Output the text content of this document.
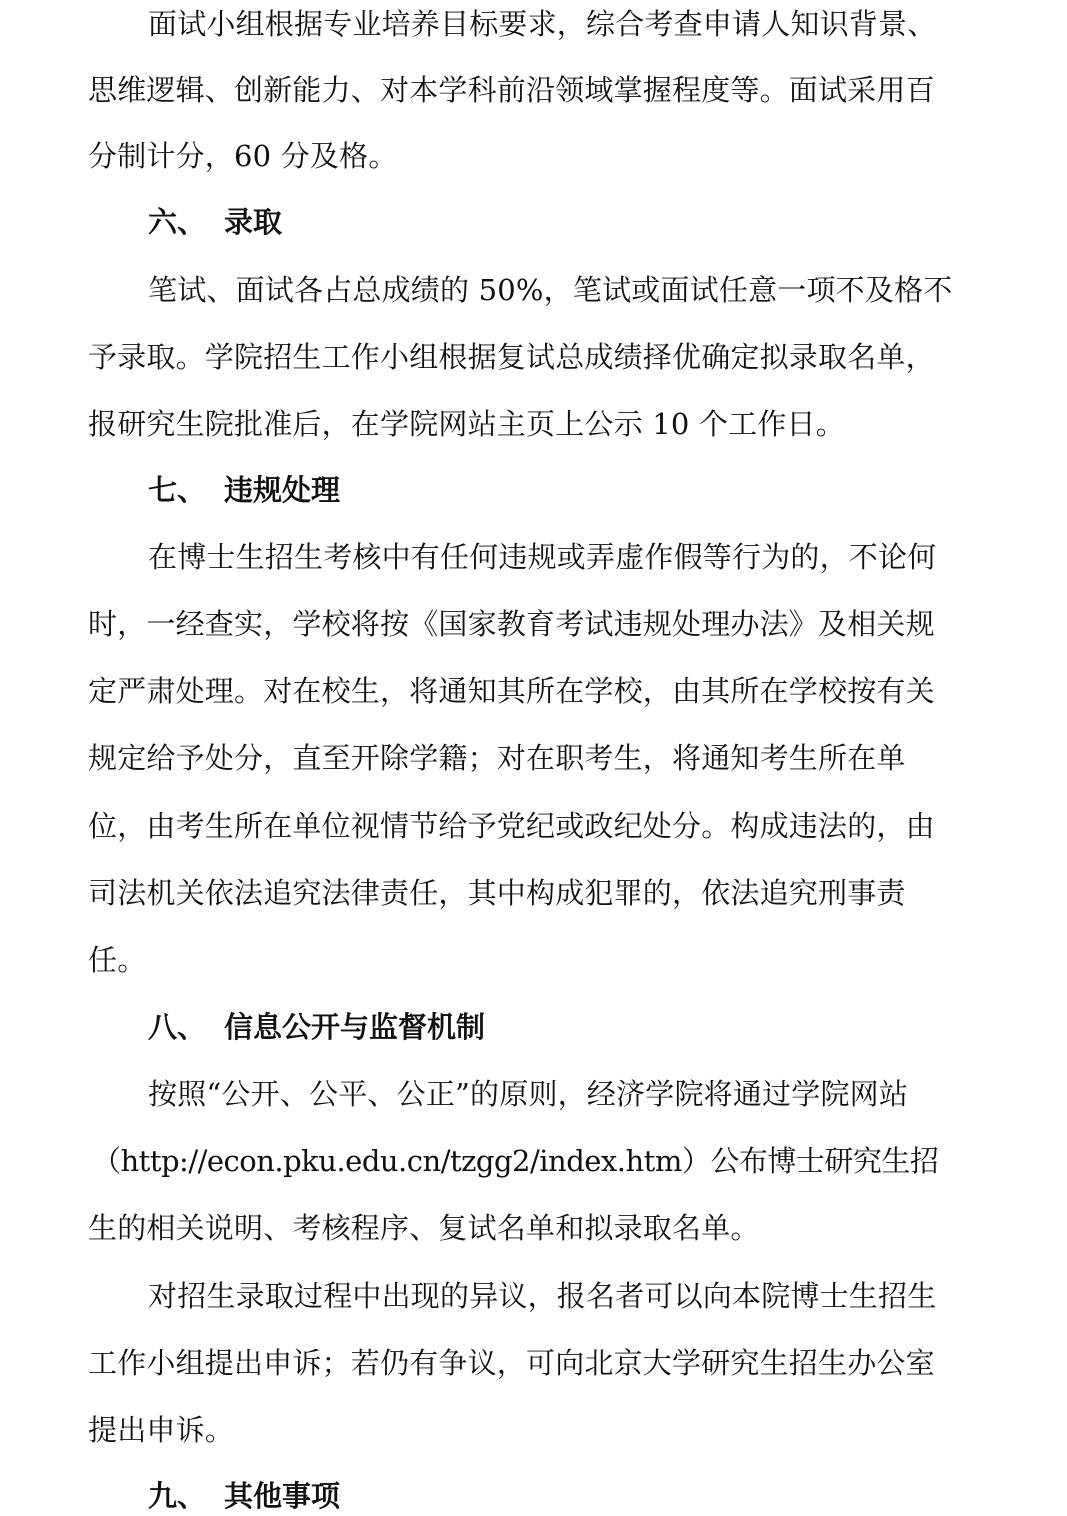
面试小组根据专业培养目标要求，综合考查申请人知识背景、
思维逻辑、创新能力、对本学科前沿领域掌握程度等。面试采用百
分制计分，60 分及格。
六、 录取
笔试、面试各占总成绩的 50%，笔试或面试任意一项不及格不
予录取。学院招生工作小组根据复试总成绩择优确定拟录取名单，
报研究生院批准后，在学院网站主页上公示 10 个工作日。
七、 违规处理
在博士生招生考核中有任何违规或弄虚作假等行为的，不论何
时，一经查实，学校将按《国家教育考试违规处理办法》及相关规
定严肃处理。对在校生，将通知其所在学校，由其所在学校按有关
规定给予处分，直至开除学籍；对在职考生，将通知考生所在单
位，由考生所在单位视情节给予党纪或政纪处分。构成违法的，由
司法机关依法追究法律责任，其中构成犯罪的，依法追究刑事责
任。
八、 信息公开与监督机制
按照“公开、公平、公正”的原则，经济学院将通过学院网站
（http://econ.pku.edu.cn/tzgg2/index.htm）公布博士研究生招
生的相关说明、考核程序、复试名单和拟录取名单。
对招生录取过程中出现的异议，报名者可以向本院博士生招生
工作小组提出申诉；若仍有争议，可向北京大学研究生招生办公室
提出申诉。
九、 其他事项
